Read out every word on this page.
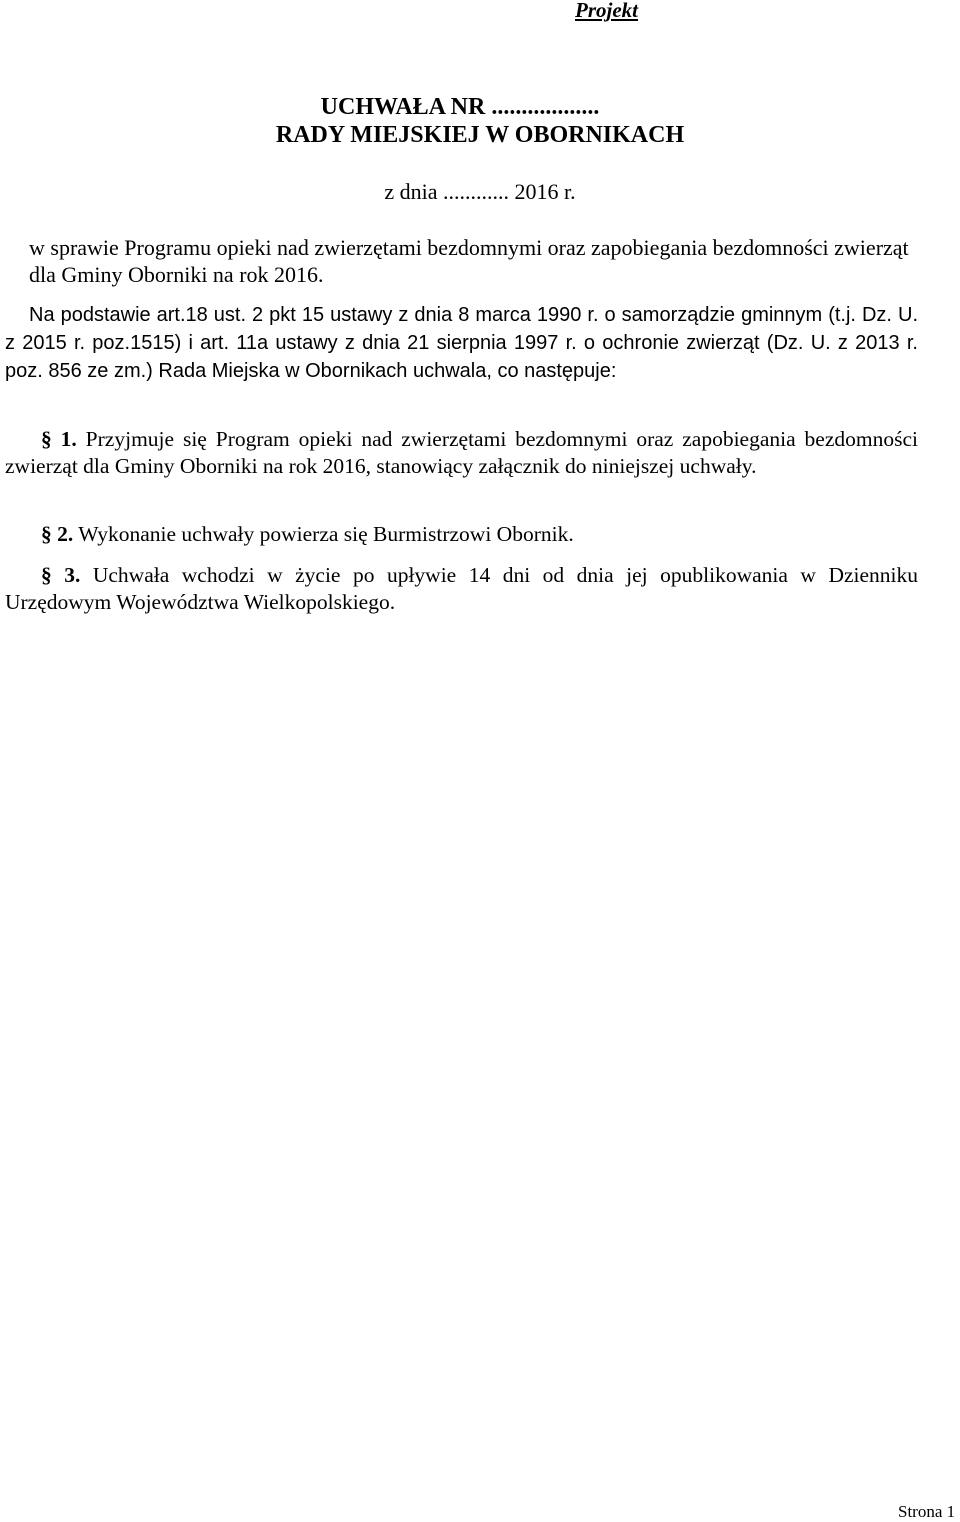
Projekt
UCHWAŁA NR ..................
RADY MIEJSKIEJ W OBORNIKACH
z dnia ............ 2016 r.
w sprawie Programu opieki nad zwierzętami bezdomnymi oraz zapobiegania bezdomności zwierząt dla Gminy Oborniki na rok 2016.
Na podstawie art.18 ust. 2 pkt 15 ustawy z dnia 8 marca 1990 r. o samorządzie gminnym (t.j. Dz. U. z 2015 r. poz.1515) i art. 11a ustawy z dnia 21 sierpnia 1997 r. o ochronie zwierząt (Dz. U. z 2013 r. poz. 856 ze zm.) Rada Miejska w Obornikach uchwala, co następuje:
§ 1. Przyjmuje się Program opieki nad zwierzętami bezdomnymi oraz zapobiegania bezdomności zwierząt dla Gminy Oborniki na rok 2016, stanowiący załącznik do niniejszej uchwały.
§ 2. Wykonanie uchwały powierza się Burmistrzowi Obornik.
§ 3. Uchwała wchodzi w życie po upływie 14 dni od dnia jej opublikowania w Dzienniku Urzędowym Województwa Wielkopolskiego.
Strona 1
